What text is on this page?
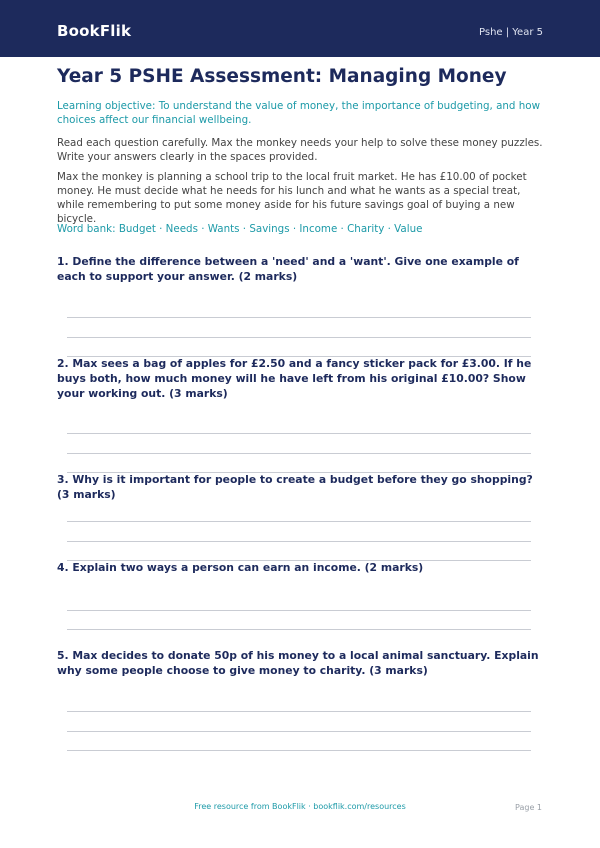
BookFlik	Pshe | Year 5
Year 5 PSHE Assessment: Managing Money

Learning objective: To understand the value of money, the importance of budgeting, and how choices affect our financial wellbeing.

Read each question carefully. Max the monkey needs your help to solve these money puzzles. Write your answers clearly in the spaces provided.

Max the monkey is planning a school trip to the local fruit market. He has £10.00 of pocket money. He must decide what he needs for his lunch and what he wants as a special treat, while remembering to put some money aside for his future savings goal of buying a new bicycle.

Word bank: Budget · Needs · Wants · Savings · Income · Charity · Value

1. Define the difference between a 'need' and a 'want'. Give one example of each to support your answer. (2 marks)

2. Max sees a bag of apples for £2.50 and a fancy sticker pack for £3.00. If he buys both, how much money will he have left from his original £10.00? Show your working out. (3 marks)

3. Why is it important for people to create a budget before they go shopping? (3 marks)

4. Explain two ways a person can earn an income. (2 marks)

5. Max decides to donate 50p of his money to a local animal sanctuary. Explain why some people choose to give money to charity. (3 marks)

Free resource from BookFlik · bookflik.com/resources	Page 1
